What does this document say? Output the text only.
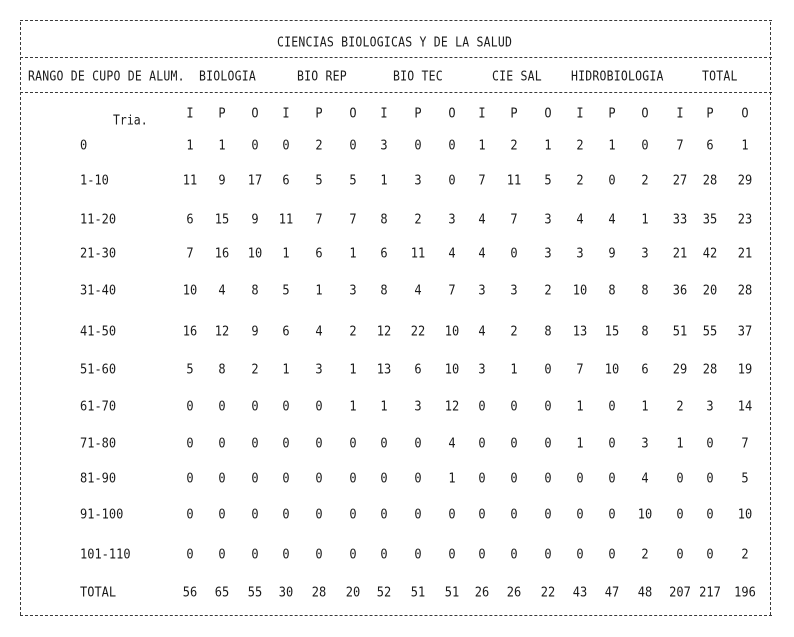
CIENCIAS BIOLOGICAS Y DE LA SALUD
RANGO DE CUPO DE ALUM. BIOLOGIA	BIO REP	BIO TEC	CIE SAL	HIDROBIOLOGIA	TOTAL
Tria.	I	P	O	I	P	O	I	P	O	I	P	O	I	P	O	I	P	O
0	1	1	0	0	2	0	3	0	0	1	2	1	2	1	0	7	6	1
1-10	11	9	17	6	5	5	1	3	0	7	11	5	2	0	2	27	28	29
11-20	6	15	9	11	7	7	8	2	3	4	7	3	4	4	1	33	35	23
21-30	7	16	10	1	6	1	6	11	4	4	0	3	3	9	3	21	42	21
31-40	10	4	8	5	1	3	8	4	7	3	3	2	10	8	8	36	20	28
41-50	16	12	9	6	4	2	12	22	10	4	2	8	13	15	8	51	55	37
51-60	5	8	2	1	3	1	13	6	10	3	1	0	7	10	6	29	28	19
61-70	0	0	0	0	0	1	1	3	12	0	0	0	1	0	1	2	3	14
71-80	0	0	0	0	0	0	0	0	4	0	0	0	1	0	3	1	0	7
81-90	0	0	0	0	0	0	0	0	1	0	0	0	0	0	4	0	0	5
91-100	0	0	0	0	0	0	0	0	0	0	0	0	0	0	10	0	0	10
101-110	0	0	0	0	0	0	0	0	0	0	0	0	0	0	2	0	0	2
TOTAL	56	65	55	30	28	20	52	51	51	26	26	22	43	47	48	207 217	196
